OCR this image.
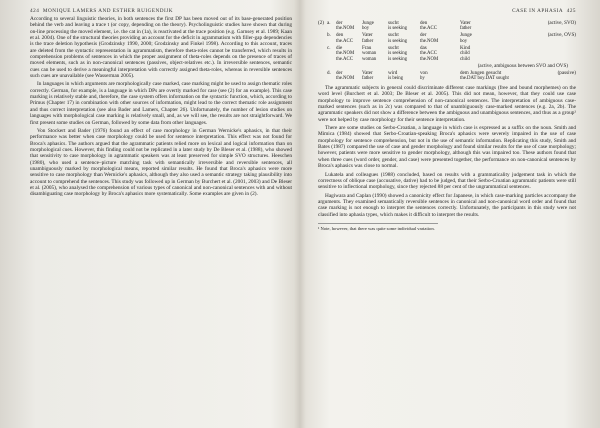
424 MONIQUE LAMERS AND ESTHER RUIGENDIJK

According to several linguistic theories, in both sentences the first DP has been moved out of its base-generated position behind the verb and leaving a trace t (or copy, depending on the theory). Psycholinguistic studies have shown that during on-line processing the moved element, i.e. the cat in (1a), is reactivated at the trace position (e.g. Garnsey et al. 1989; Kaan et al. 2004). One of the structural theories providing an account for the deficit in agrammatism with filler-gap dependencies is the trace deletion hypothesis (Grodzinsky 1990, 2000; Grodzinsky and Finkel 1998). According to this account, traces are deleted from the syntactic representation in agrammatism, therefore theta-roles cannot be transferred, which results in comprehension problems of sentences in which the proper assignment of theta-roles depends on the presence of traces of moved elements, such as in non-canonical sentences (passives, object-relatives etc.). In irreversible sentences, semantic cues can be used to derive a meaningful interpretation with correctly assigned theta-roles, whereas in reversible sentences such cues are unavailable (see Wasserman 2005).

In languages in which arguments are morphologically case marked, case marking might be used to assign thematic roles correctly. German, for example, is a language in which DPs are overtly marked for case (see (2) for an example). This case marking is relatively stable and, therefore, the case system offers information on the syntactic function, which, according to Primus (Chapter 17) in combination with other sources of information, might lead to the correct thematic role assignment and thus correct interpretation (see also Bader and Lamers, Chapter 26). Unfortunately, the number of lesion studies on languages with morphological case marking is relatively small, and, as we will see, the results are not straightforward. We first present some studies on German, followed by some data from other languages.

Von Stockert and Bader (1976) found an effect of case morphology in German Wernicke's aphasics, in that their performance was better when case morphology could be used for sentence interpretation. This effect was not found for Broca's aphasics. The authors argued that the agrammatic patients relied more on lexical and logical information than on morphological cues. However, this finding could not be replicated in a later study by De Bleser et al. (1988), who showed that sensitivity to case morphology in agrammatic speakers was at least preserved for simple SVO structures. Heeschen (1980), who used a sentence–picture matching task with semantically irreversible and reversible sentences, all unambiguously marked by morphological means, reported similar results. He found that Broca's aphasics were more sensitive to case morphology than Wernicke's aphasics, although they also used a semantic strategy taking plausibility into account to comprehend the sentences. This study was followed up in German by Burchert et al. (2001, 2003) and De Bleser et al. (2005), who analysed the comprehension of various types of canonical and non-canonical sentences with and without disambiguating case morphology by Broca's aphasics more systematically. Some examples are given in (2).

CASE IN APHASIA 425
(2) a.	der	Junge	sucht	den	Vater	(active, SVO)
the.NOM	boy	is seeking	the.ACC	father
b.	den	Vater	sucht	der	Junge	(active, OVS)
the.ACC	father	is seeking	the.NOM	boy
c.	die	Frau	sucht	das	Kind
the.NOM	woman	is seeking	the.ACC	child
the.ACC	woman	is seeking	the.NOM	child
(active, ambiguous between SVO and OVS)
d.	der	Vater	wird	von	dem Jungen gesucht	(passive)
the.NOM	father	is being	by	the.DAT boy.DAT sought

The agrammatic subjects in general could discriminate different case markings (free and bound morphemes) on the word level (Burchert et al. 2003; De Bleser et al. 2005). This did not mean, however, that they could use case morphology to improve sentence comprehension of non-canonical sentences. The interpretation of ambiguous case-marked sentences (such as in 2c) was compared to that of unambiguously case-marked sentences (e.g. 2a, 2b). The agrammatic speakers did not show a difference between the ambiguous and unambiguous sentences, and thus as a group¹ were not helped by case morphology for their sentence interpretation.

There are some studies on Serbo-Croatian, a language in which case is expressed as a suffix on the noun. Smith and Mimica (1984) showed that Serbo-Croatian-speaking Broca's aphasics were severely impaired in the use of case morphology for sentence comprehension, but not in the use of semantic information. Replicating this study, Smith and Bates (1987) compared the use of case and gender morphology and found similar results for the use of case morphology; however, patients were more sensitive to gender morphology, although this was impaired too. These authors found that when three cues (word order, gender, and case) were presented together, the performance on non-canonical sentences by Broca's aphasics was close to normal.

Lukatela and colleagues (1988) concluded, based on results with a grammaticality judgement task in which the correctness of oblique case (accusative, dative) had to be judged, that their Serbo-Croatian agrammatic patients were still sensitive to inflectional morphology, since they rejected 88 per cent of the ungrammatical sentences.

Hagiwara and Caplan (1990) showed a canonicity effect for Japanese, in which case-marking particles accompany the arguments. They examined semantically reversible sentences in canonical and non-canonical word order and found that case marking is not enough to interpret the sentences correctly. Unfortunately, the participants in this study were not classified into aphasia types, which makes it difficult to interpret the results.

¹ Note, however, that there was quite some individual variation.
